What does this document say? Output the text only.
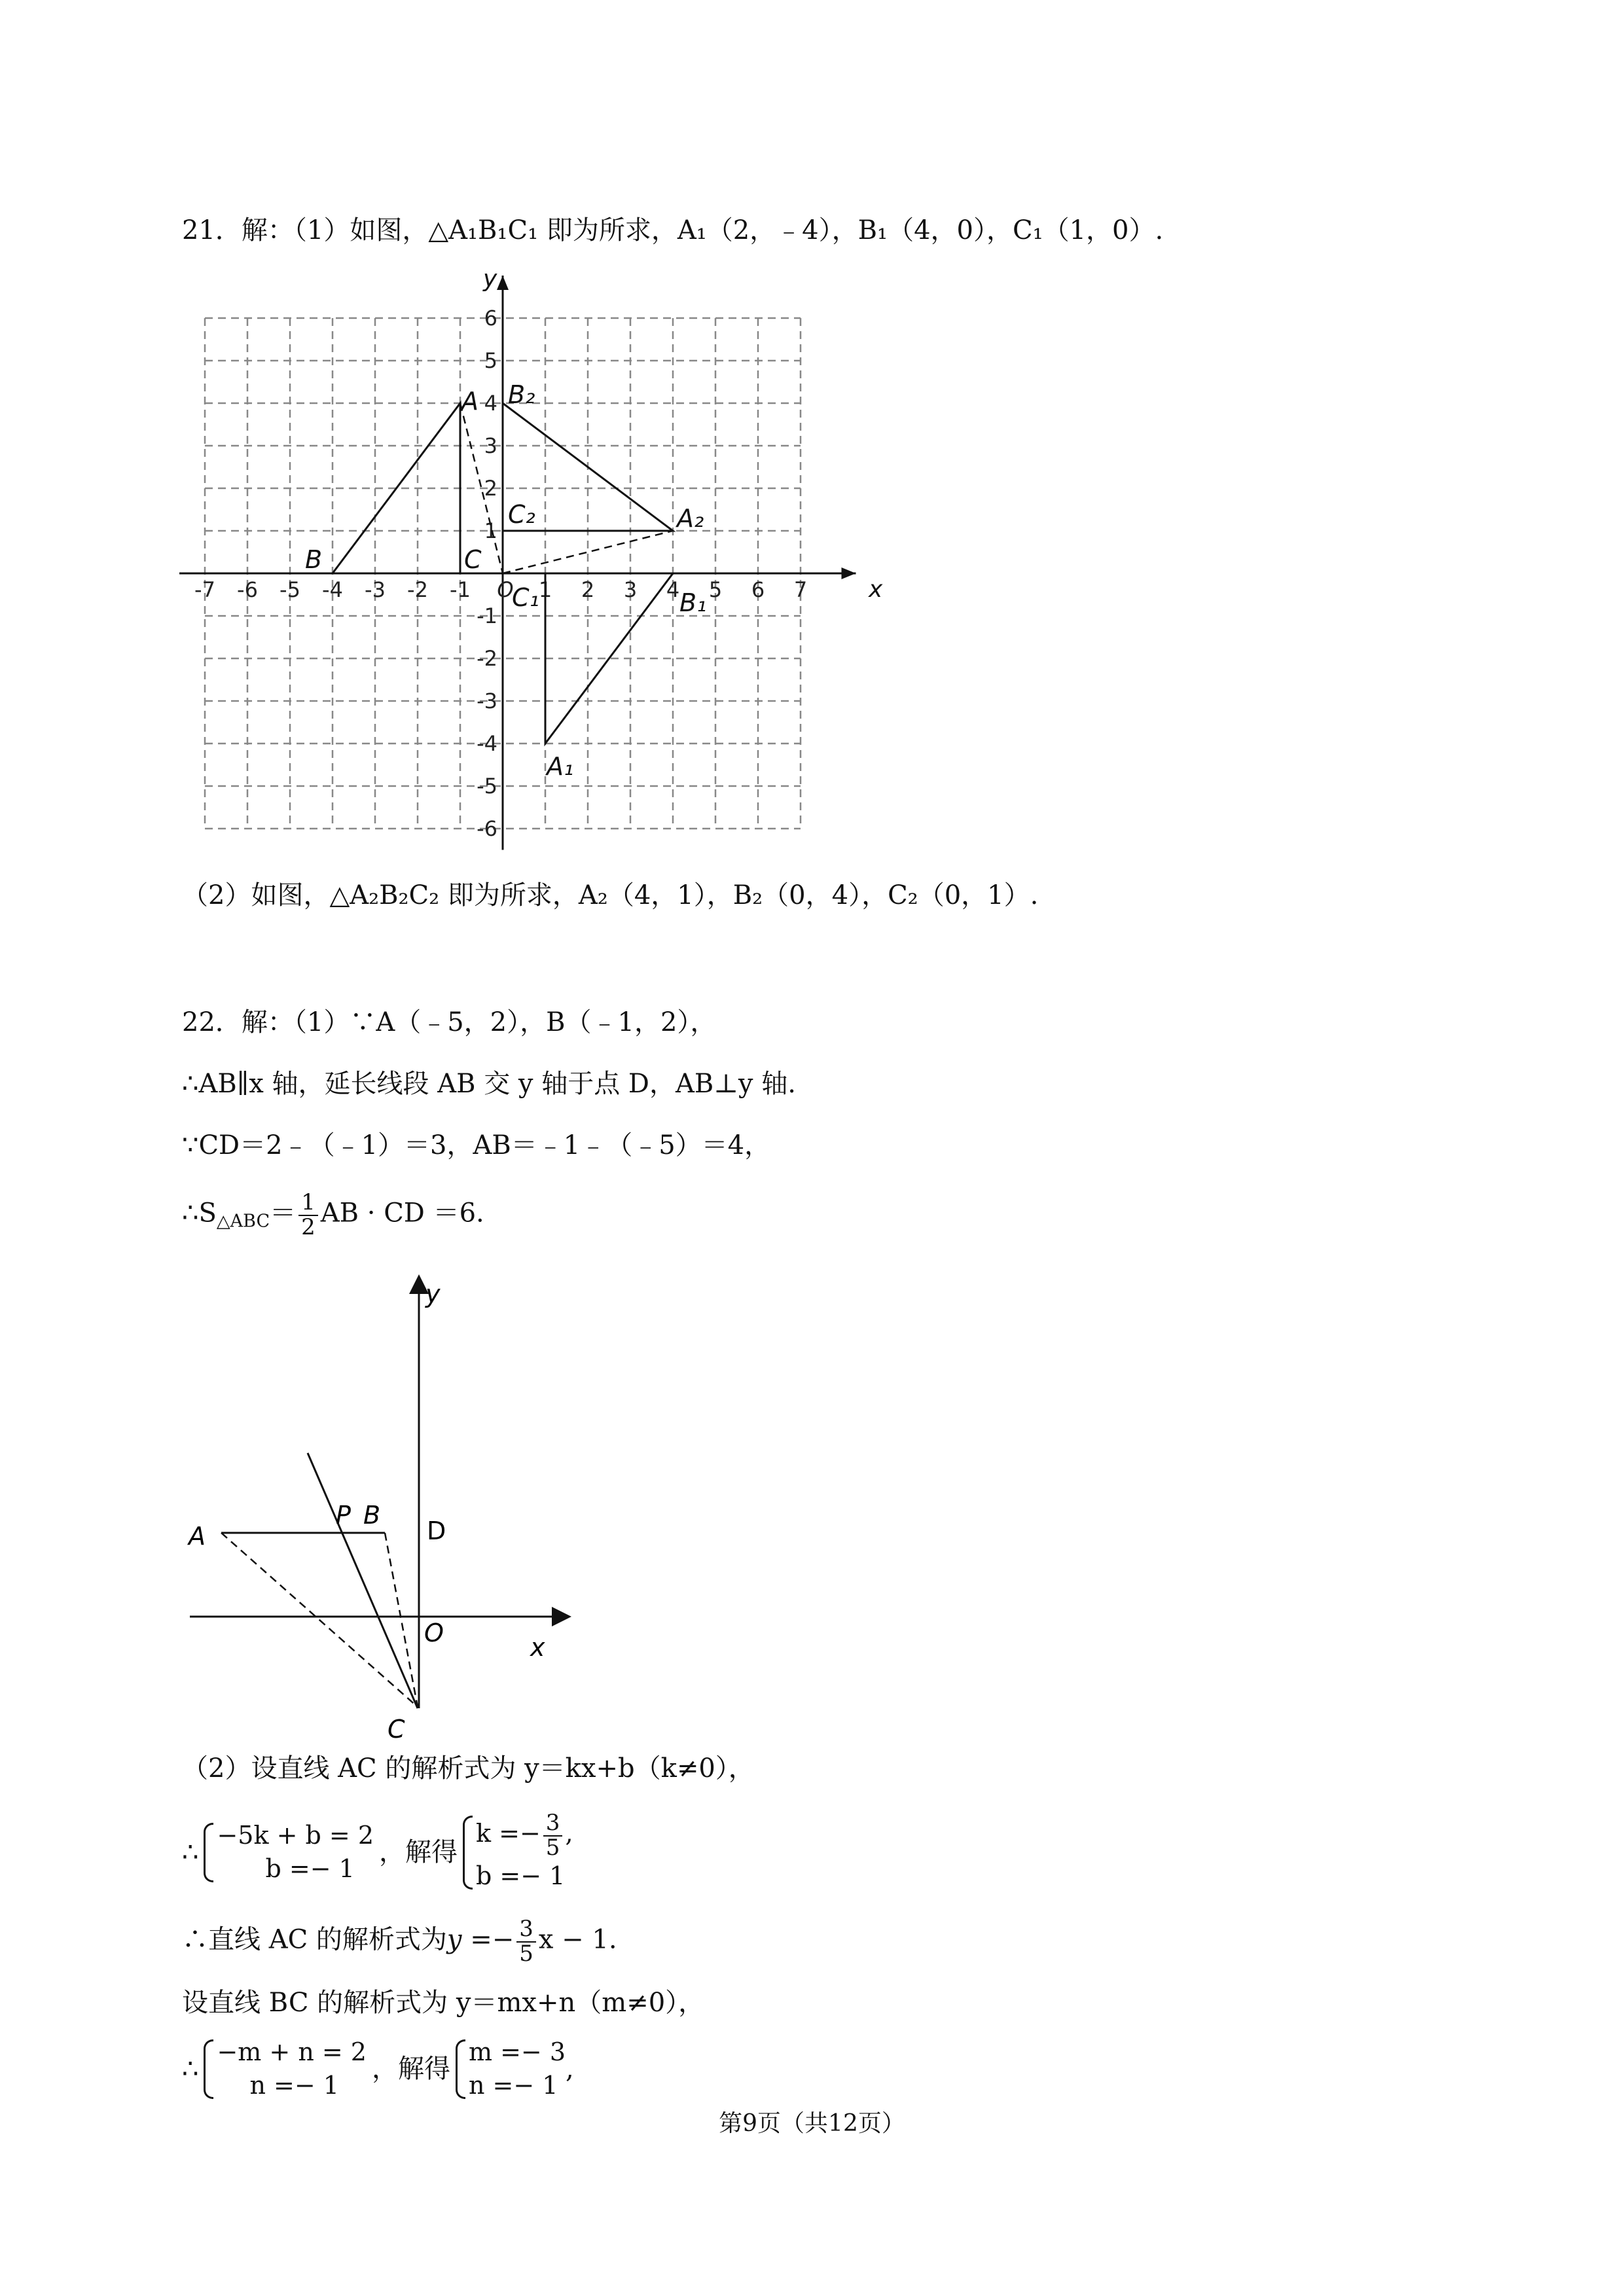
21．解：（1）如图，△A₁B₁C₁ 即为所求，A₁（2，﹣4），B₁（4，0），C₁（1，0）.
-7 -6 -5 -4 -3 -2 -1 O 1 2 3 4 5 6 7
6
5
4
3
2
1
-1
-2
-3
-4
-5
-6
x
y
A
B	C
A₁
B₁
C₁
A₂
B₂
C₂
（2）如图，△A₂B₂C₂ 即为所求，A₂（4，1），B₂（0，4），C₂（0，1）.
22．解：（1）∵A（﹣5，2），B（﹣1，2），
∴AB∥x 轴，延长线段 AB 交 y 轴于点 D，AB⊥y 轴.
∵CD＝2﹣（﹣1）＝3，AB＝﹣1﹣（﹣5）＝4，
$\therefore S_{\triangle ABC}= \frac{1}{2}$ AB · CD ＝6.
A
P B
D
O	x
y
C
（2）设直线 AC 的解析式为 y＝kx+b（k≠0），
∴
−5k + b = 2
b =− 1
，解得
$k =- \frac{3}{5}$ ,
b =− 1
∴直线 AC 的解析式为$y =- \frac{3}{5}$ x − 1.
设直线 BC 的解析式为 y＝mx+n（m≠0），
∴
−m + n = 2
n =− 1
，解得
m =− 3
n =− 1
,
第9页（共12页）
